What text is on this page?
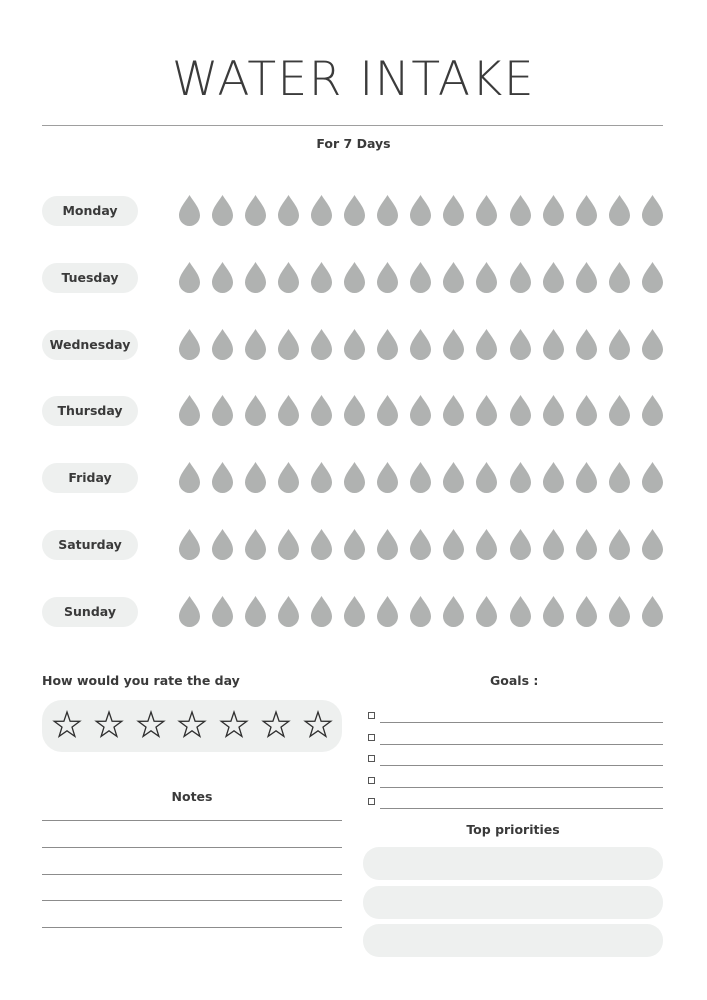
WATER INTAKE
For 7 Days
Monday
Tuesday
Wednesday
Thursday
Friday
Saturday
Sunday
How would you rate the day	Goals :
Notes
Top priorities
